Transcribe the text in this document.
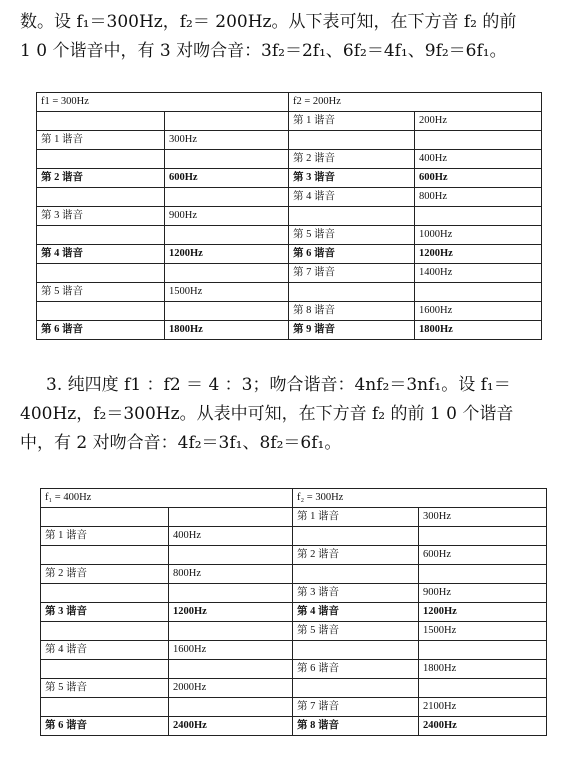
数。设 f₁＝300Hz，f₂＝ 200Hz。从下表可知，在下方音 f₂ 的前
1 0 个谐音中，有 3 对吻合音：3f₂＝2f₁、6f₂＝4f₁、9f₂＝6f₁。
f1 = 300Hz		f2 = 200Hz	
		第 1 谐音	200Hz
第 1 谐音	300Hz		
		第 2 谐音	400Hz
第 2 谐音	600Hz	第 3 谐音	600Hz
		第 4 谐音	800Hz
第 3 谐音	900Hz		
		第 5 谐音	1000Hz
第 4 谐音	1200Hz	第 6 谐音	1200Hz
		第 7 谐音	1400Hz
第 5 谐音	1500Hz		
		第 8 谐音	1600Hz
第 6 谐音	1800Hz	第 9 谐音	1800Hz
3. 纯四度 f1 ：f2 ＝ 4 ：3；吻合谐音：4nf₂＝3nf₁。设 f₁＝
400Hz，f₂＝300Hz。从表中可知，在下方音 f₂ 的前 1 0 个谐音
中，有 2 对吻合音：4f₂＝3f₁、8f₂＝6f₁。
f₁ = 400Hz		f₂ = 300Hz	
		第 1 谐音	300Hz
第 1 谐音	400Hz		
		第 2 谐音	600Hz
第 2 谐音	800Hz		
		第 3 谐音	900Hz
第 3 谐音	1200Hz	第 4 谐音	1200Hz
		第 5 谐音	1500Hz
第 4 谐音	1600Hz		
		第 6 谐音	1800Hz
第 5 谐音	2000Hz		
		第 7 谐音	2100Hz
第 6 谐音	2400Hz	第 8 谐音	2400Hz
